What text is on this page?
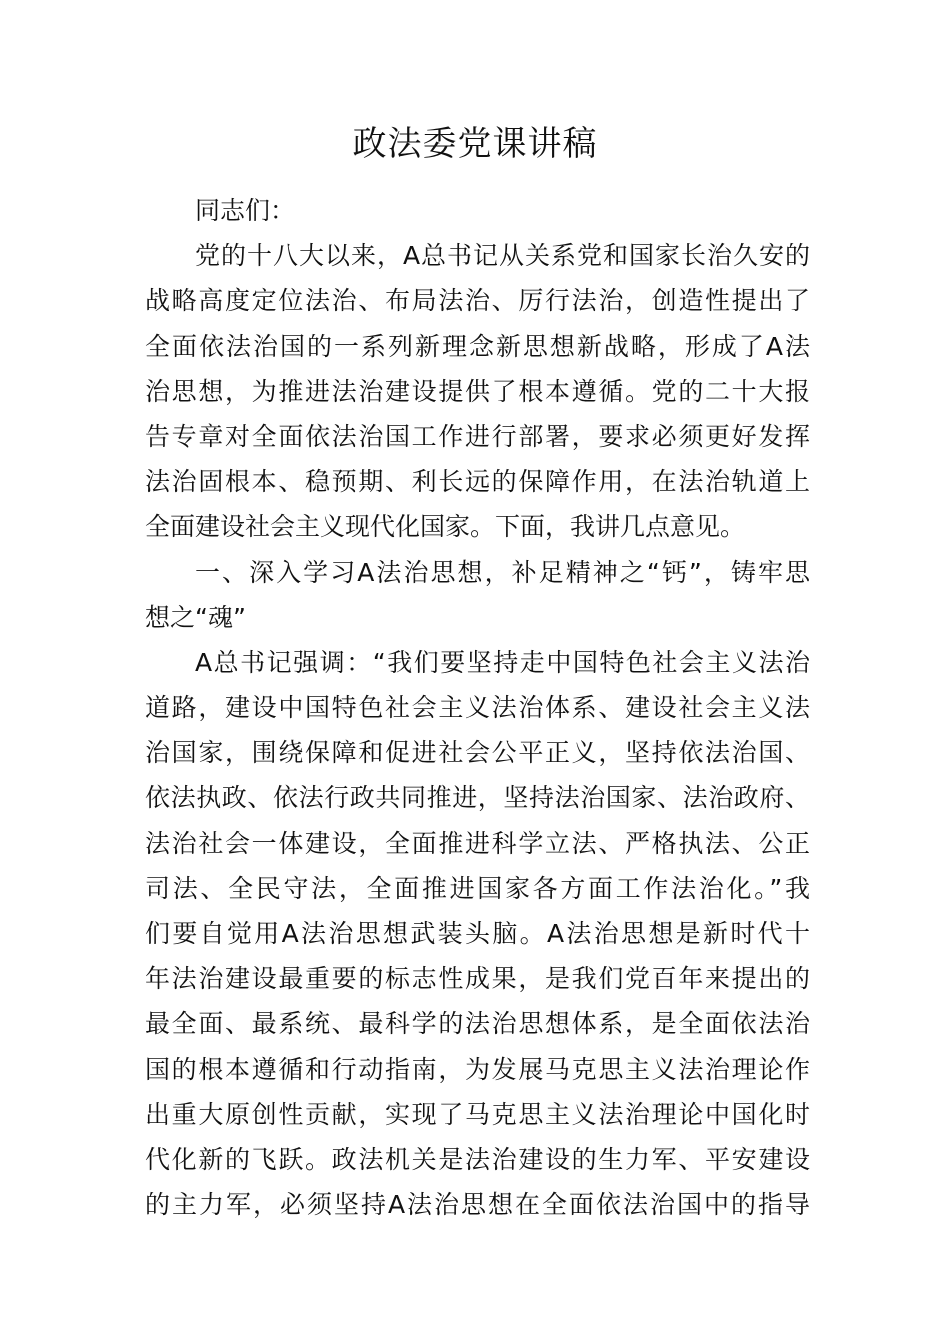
政法委党课讲稿
同志们：
党的十八大以来，A总书记从关系党和国家长治久安的
战略高度定位法治、布局法治、厉行法治，创造性提出了
全面依法治国的一系列新理念新思想新战略，形成了A法
治思想，为推进法治建设提供了根本遵循。党的二十大报
告专章对全面依法治国工作进行部署，要求必须更好发挥
法治固根本、稳预期、利长远的保障作用，在法治轨道上
全面建设社会主义现代化国家。下面，我讲几点意见。
一、深入学习A法治思想，补足精神之“钙”，铸牢思
想之“魂”
A总书记强调：“我们要坚持走中国特色社会主义法治
道路，建设中国特色社会主义法治体系、建设社会主义法
治国家，围绕保障和促进社会公平正义，坚持依法治国、
依法执政、依法行政共同推进，坚持法治国家、法治政府、
法治社会一体建设，全面推进科学立法、严格执法、公正
司法、全民守法，全面推进国家各方面工作法治化。”我
们要自觉用A法治思想武装头脑。A法治思想是新时代十
年法治建设最重要的标志性成果，是我们党百年来提出的
最全面、最系统、最科学的法治思想体系，是全面依法治
国的根本遵循和行动指南，为发展马克思主义法治理论作
出重大原创性贡献，实现了马克思主义法治理论中国化时
代化新的飞跃。政法机关是法治建设的生力军、平安建设
的主力军，必须坚持A法治思想在全面依法治国中的指导
